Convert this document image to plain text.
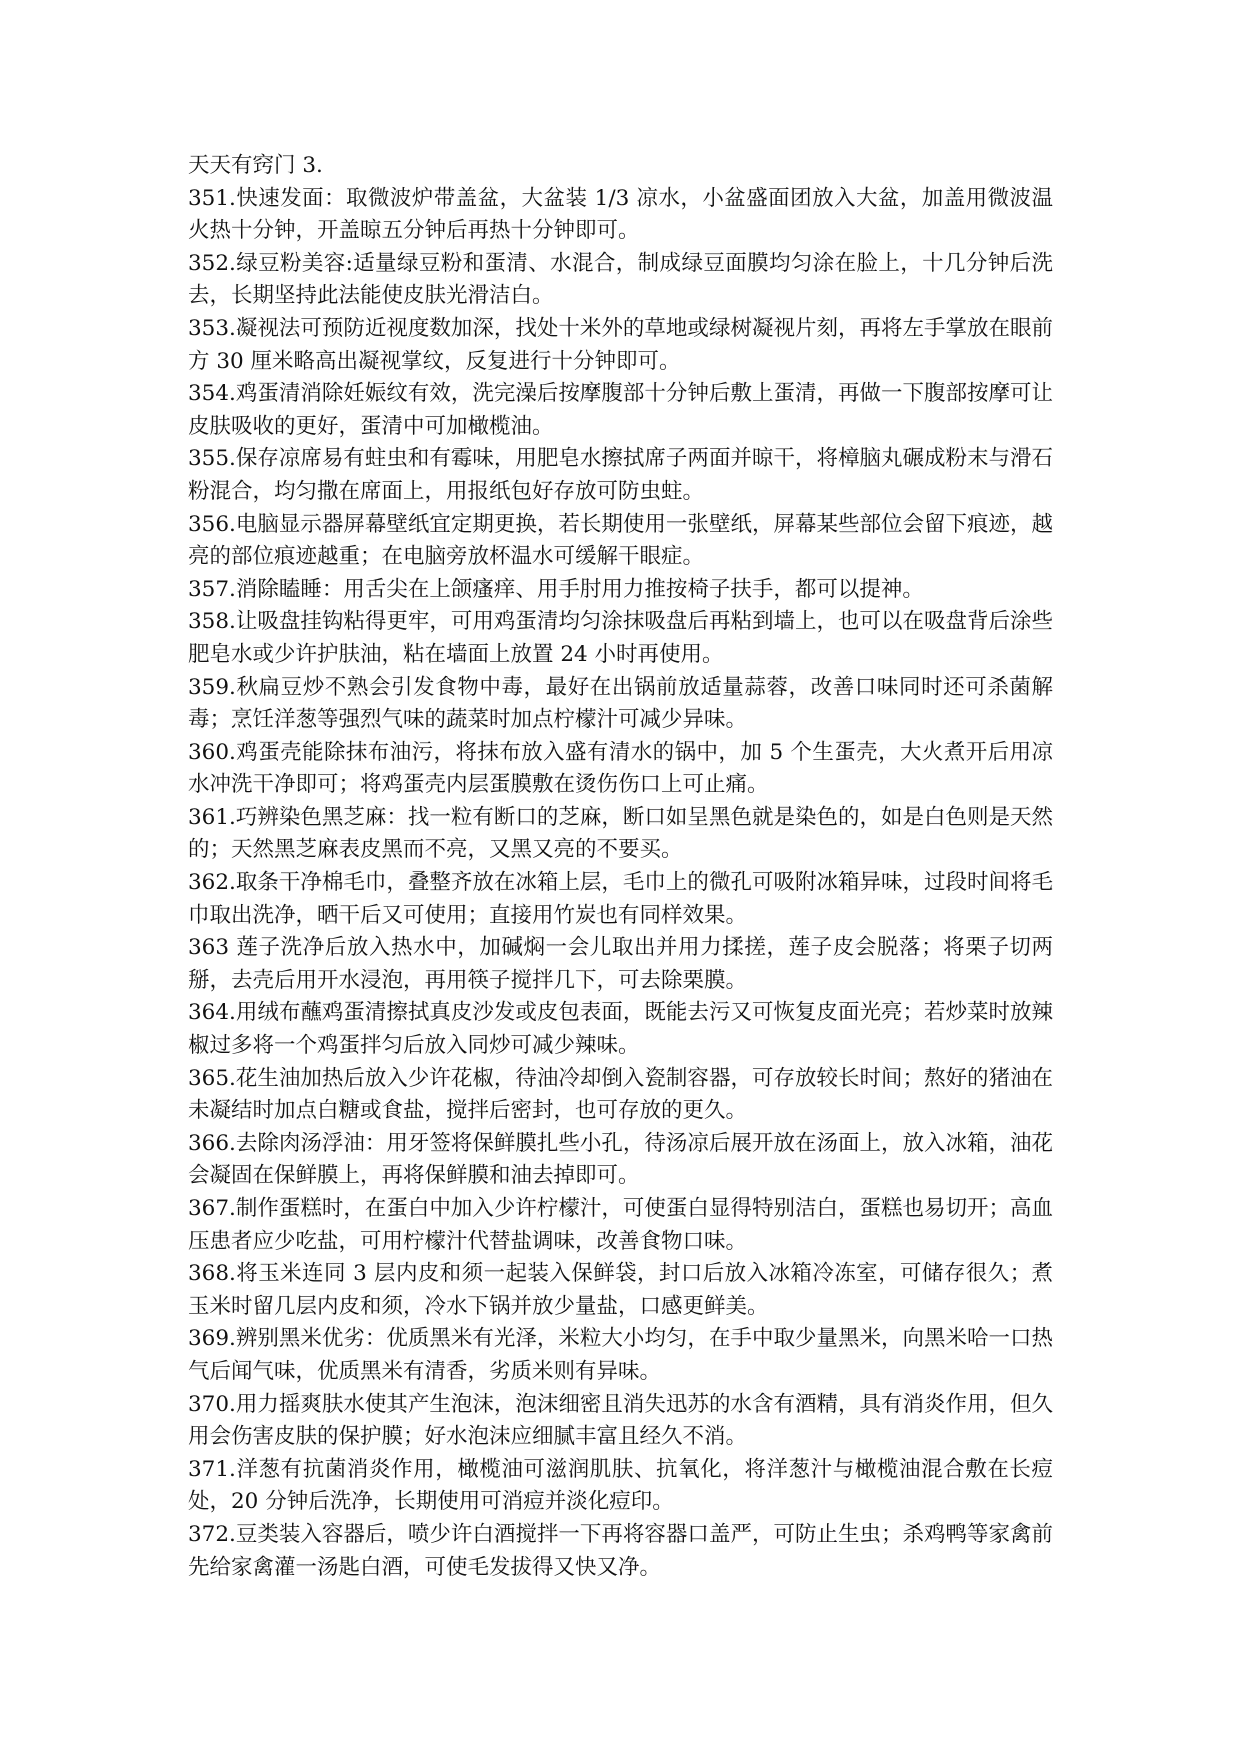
天天有窍门 3.

351.快速发面：取微波炉带盖盆，大盆装 1/3 凉水，小盆盛面团放入大盆，加盖用微波温火热十分钟，开盖晾五分钟后再热十分钟即可。

352.绿豆粉美容:适量绿豆粉和蛋清、水混合，制成绿豆面膜均匀涂在脸上，十几分钟后洗去，长期坚持此法能使皮肤光滑洁白。

353.凝视法可预防近视度数加深，找处十米外的草地或绿树凝视片刻，再将左手掌放在眼前方 30 厘米略高出凝视掌纹，反复进行十分钟即可。

354.鸡蛋清消除妊娠纹有效，洗完澡后按摩腹部十分钟后敷上蛋清，再做一下腹部按摩可让皮肤吸收的更好，蛋清中可加橄榄油。

355.保存凉席易有蛀虫和有霉味，用肥皂水擦拭席子两面并晾干，将樟脑丸碾成粉末与滑石粉混合，均匀撒在席面上，用报纸包好存放可防虫蛀。

356.电脑显示器屏幕壁纸宜定期更换，若长期使用一张壁纸，屏幕某些部位会留下痕迹，越亮的部位痕迹越重；在电脑旁放杯温水可缓解干眼症。

357.消除瞌睡：用舌尖在上颌瘙痒、用手肘用力推按椅子扶手，都可以提神。

358.让吸盘挂钩粘得更牢，可用鸡蛋清均匀涂抹吸盘后再粘到墙上，也可以在吸盘背后涂些肥皂水或少许护肤油，粘在墙面上放置 24 小时再使用。

359.秋扁豆炒不熟会引发食物中毒，最好在出锅前放适量蒜蓉，改善口味同时还可杀菌解毒；烹饪洋葱等强烈气味的蔬菜时加点柠檬汁可减少异味。

360.鸡蛋壳能除抹布油污，将抹布放入盛有清水的锅中，加 5 个生蛋壳，大火煮开后用凉水冲洗干净即可；将鸡蛋壳内层蛋膜敷在烫伤伤口上可止痛。

361.巧辨染色黑芝麻：找一粒有断口的芝麻，断口如呈黑色就是染色的，如是白色则是天然的；天然黑芝麻表皮黑而不亮，又黑又亮的不要买。

362.取条干净棉毛巾，叠整齐放在冰箱上层，毛巾上的微孔可吸附冰箱异味，过段时间将毛巾取出洗净，晒干后又可使用；直接用竹炭也有同样效果。

363 莲子洗净后放入热水中，加碱焖一会儿取出并用力揉搓，莲子皮会脱落；将栗子切两掰，去壳后用开水浸泡，再用筷子搅拌几下，可去除栗膜。

364.用绒布蘸鸡蛋清擦拭真皮沙发或皮包表面，既能去污又可恢复皮面光亮；若炒菜时放辣椒过多将一个鸡蛋拌匀后放入同炒可减少辣味。

365.花生油加热后放入少许花椒，待油冷却倒入瓷制容器，可存放较长时间；熬好的猪油在未凝结时加点白糖或食盐，搅拌后密封，也可存放的更久。

366.去除肉汤浮油：用牙签将保鲜膜扎些小孔，待汤凉后展开放在汤面上，放入冰箱，油花会凝固在保鲜膜上，再将保鲜膜和油去掉即可。

367.制作蛋糕时，在蛋白中加入少许柠檬汁，可使蛋白显得特别洁白，蛋糕也易切开；高血压患者应少吃盐，可用柠檬汁代替盐调味，改善食物口味。

368.将玉米连同 3 层内皮和须一起装入保鲜袋，封口后放入冰箱冷冻室，可储存很久；煮玉米时留几层内皮和须，冷水下锅并放少量盐，口感更鲜美。

369.辨别黑米优劣：优质黑米有光泽，米粒大小均匀，在手中取少量黑米，向黑米哈一口热气后闻气味，优质黑米有清香，劣质米则有异味。

370.用力摇爽肤水使其产生泡沫，泡沫细密且消失迅苏的水含有酒精，具有消炎作用，但久用会伤害皮肤的保护膜；好水泡沫应细腻丰富且经久不消。

371.洋葱有抗菌消炎作用，橄榄油可滋润肌肤、抗氧化，将洋葱汁与橄榄油混合敷在长痘处，20 分钟后洗净，长期使用可消痘并淡化痘印。

372.豆类装入容器后，喷少许白酒搅拌一下再将容器口盖严，可防止生虫；杀鸡鸭等家禽前先给家禽灌一汤匙白酒，可使毛发拔得又快又净。
